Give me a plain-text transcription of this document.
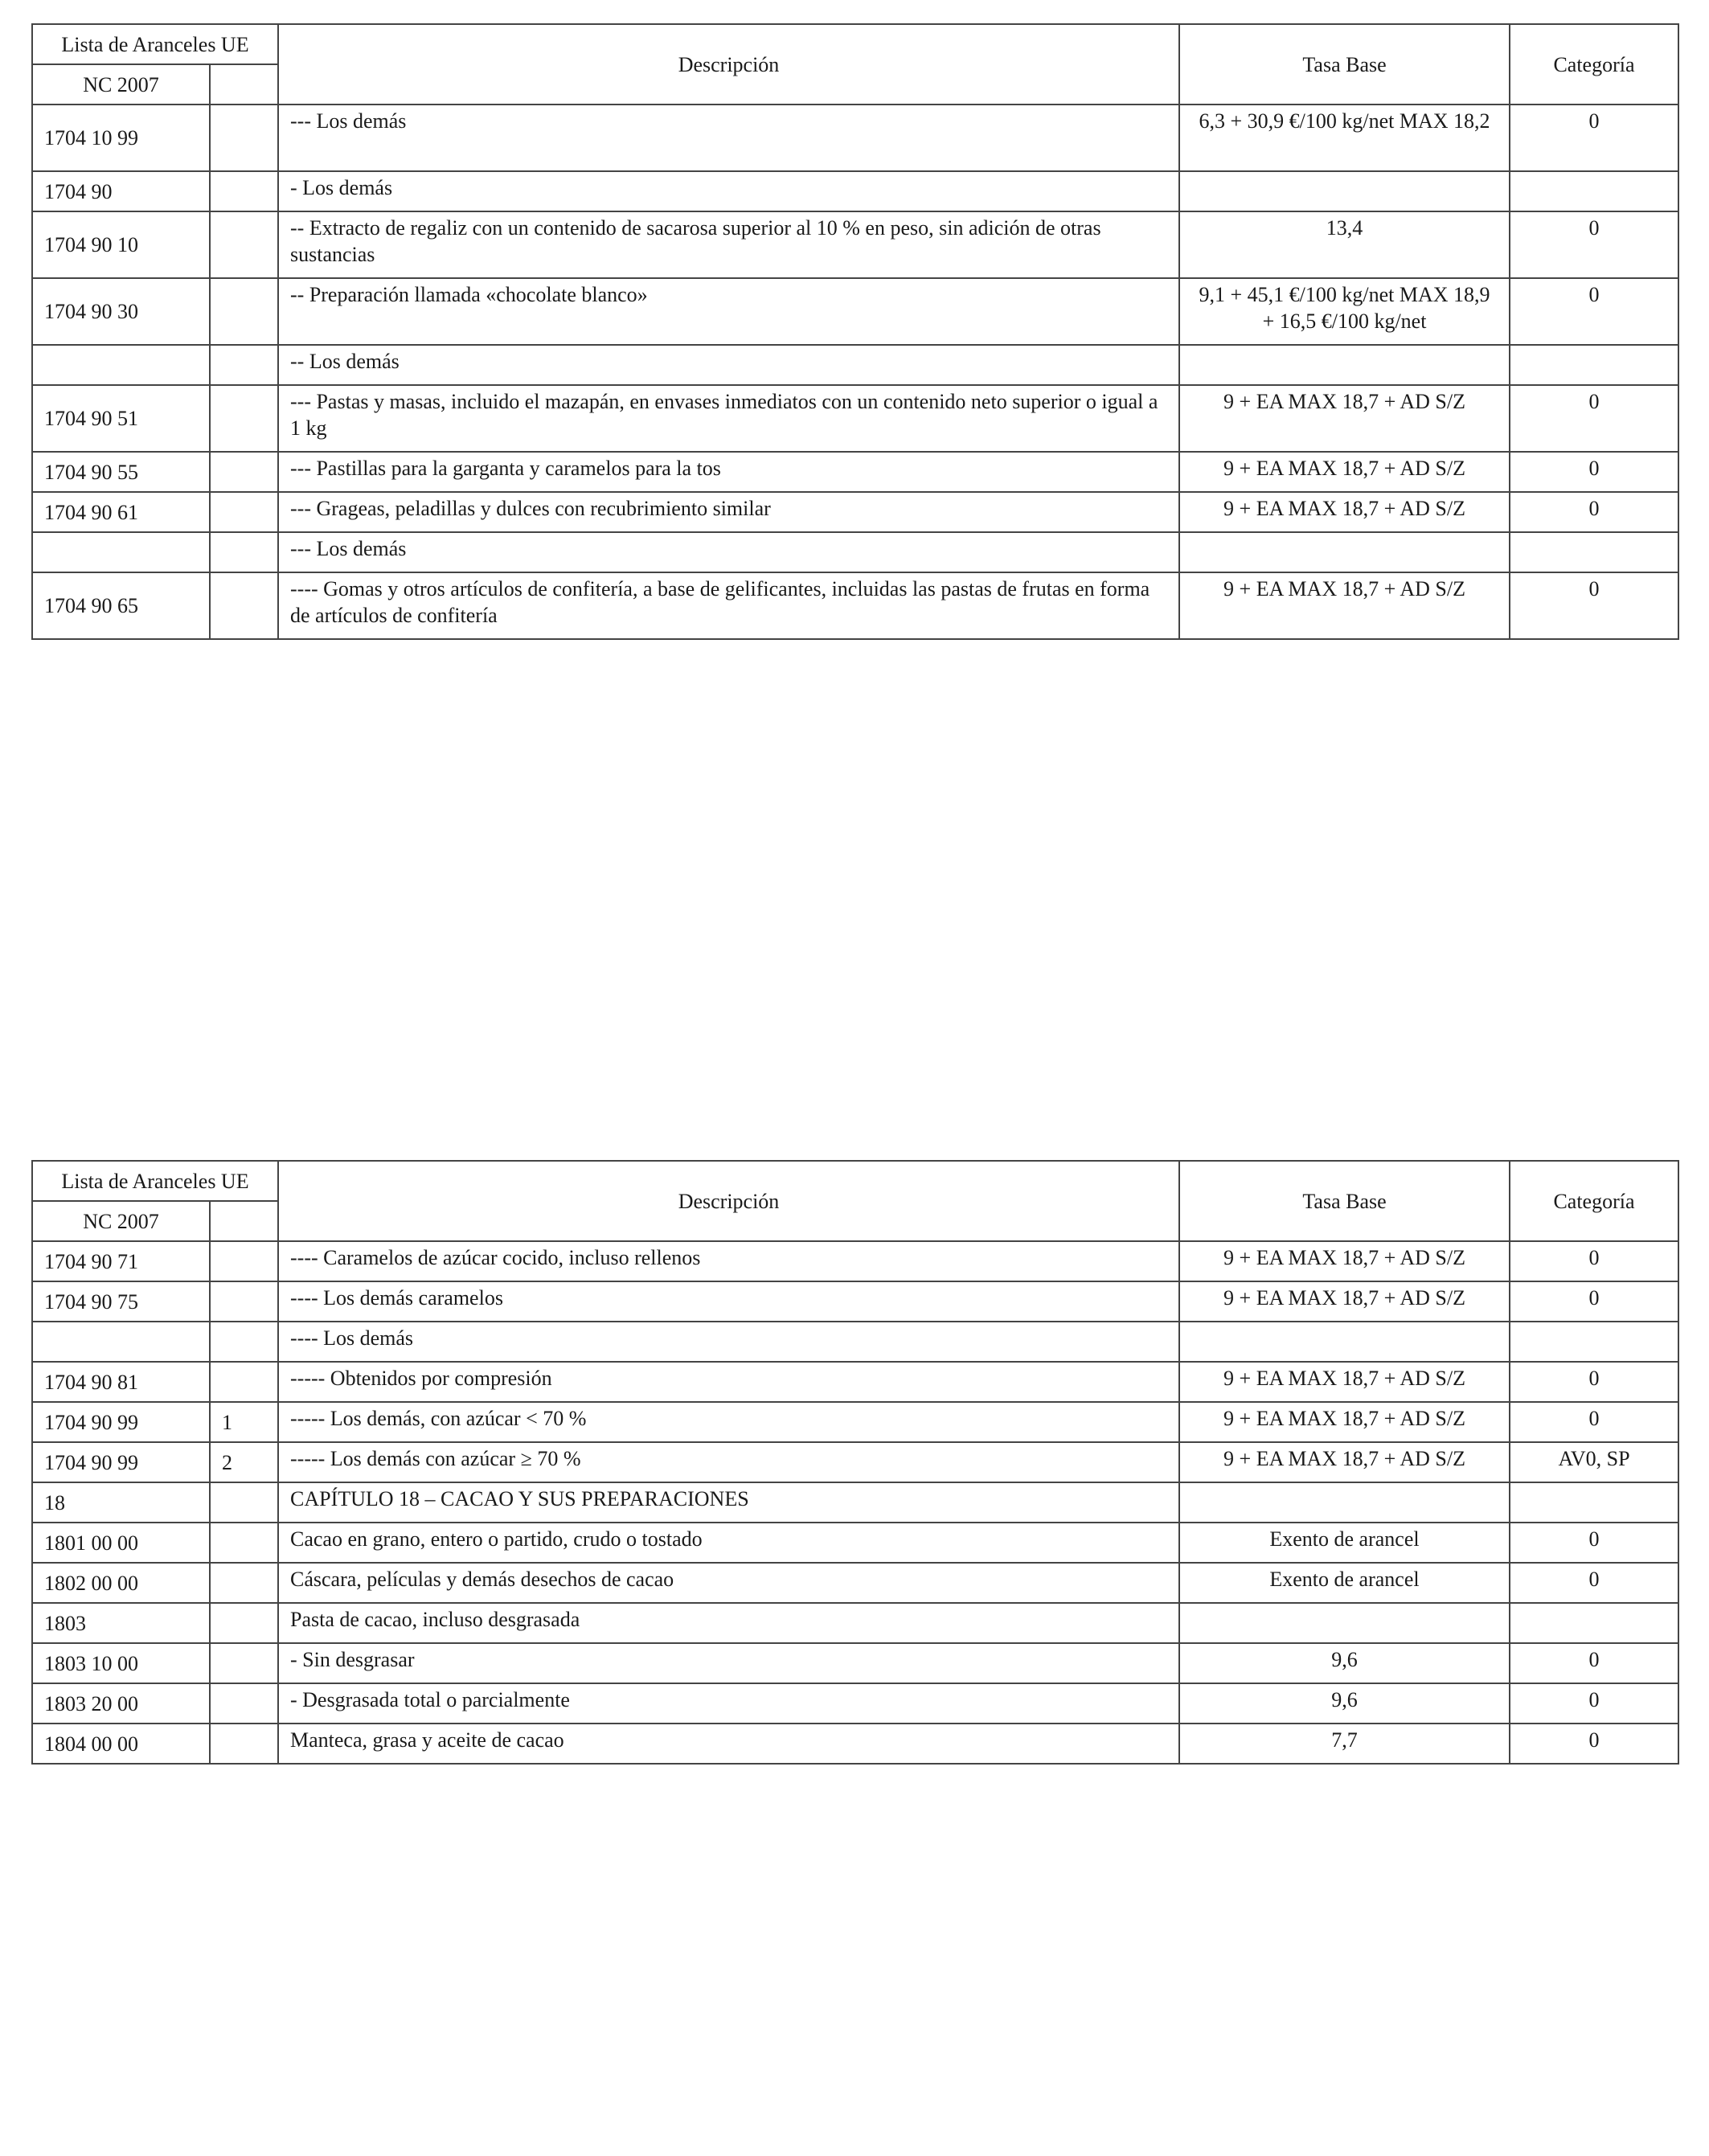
Lista de Aranceles UE		Descripción	Tasa Base	Categoría
NC 2007				
1704 10 99		--- Los demás	6,3 + 30,9 €/100 kg/net MAX 18,2	0
1704 90		- Los demás		
1704 90 10		-- Extracto de regaliz con un contenido de sacarosa superior al 10 % en peso, sin adición de otras sustancias	13,4	0
1704 90 30		-- Preparación llamada «chocolate blanco»	9,1 + 45,1 €/100 kg/net MAX 18,9 + 16,5 €/100 kg/net	0
		-- Los demás		
1704 90 51		--- Pastas y masas, incluido el mazapán, en envases inmediatos con un contenido neto superior o igual a 1 kg	9 + EA MAX 18,7 + AD S/Z	0
1704 90 55		--- Pastillas para la garganta y caramelos para la tos	9 + EA MAX 18,7 + AD S/Z	0
1704 90 61		--- Grageas, peladillas y dulces con recubrimiento similar	9 + EA MAX 18,7 + AD S/Z	0
		--- Los demás		
1704 90 65		---- Gomas y otros artículos de confitería, a base de gelificantes, incluidas las pastas de frutas en forma de artículos de confitería	9 + EA MAX 18,7 + AD S/Z	0
Lista de Aranceles UE		Descripción	Tasa Base	Categoría
NC 2007				
1704 90 71		---- Caramelos de azúcar cocido, incluso rellenos	9 + EA MAX 18,7 + AD S/Z	0
1704 90 75		---- Los demás caramelos	9 + EA MAX 18,7 + AD S/Z	0
		---- Los demás		
1704 90 81		----- Obtenidos por compresión	9 + EA MAX 18,7 + AD S/Z	0
1704 90 99	1	----- Los demás, con azúcar < 70 %	9 + EA MAX 18,7 + AD S/Z	0
1704 90 99	2	----- Los demás con azúcar ≥ 70 %	9 + EA MAX 18,7 + AD S/Z	AV0, SP
18		CAPÍTULO 18 – CACAO Y SUS PREPARACIONES		
1801 00 00		Cacao en grano, entero o partido, crudo o tostado	Exento de arancel	0
1802 00 00		Cáscara, películas y demás desechos de cacao	Exento de arancel	0
1803		Pasta de cacao, incluso desgrasada		
1803 10 00		- Sin desgrasar	9,6	0
1803 20 00		- Desgrasada total o parcialmente	9,6	0
1804 00 00		Manteca, grasa y aceite de cacao	7,7	0
